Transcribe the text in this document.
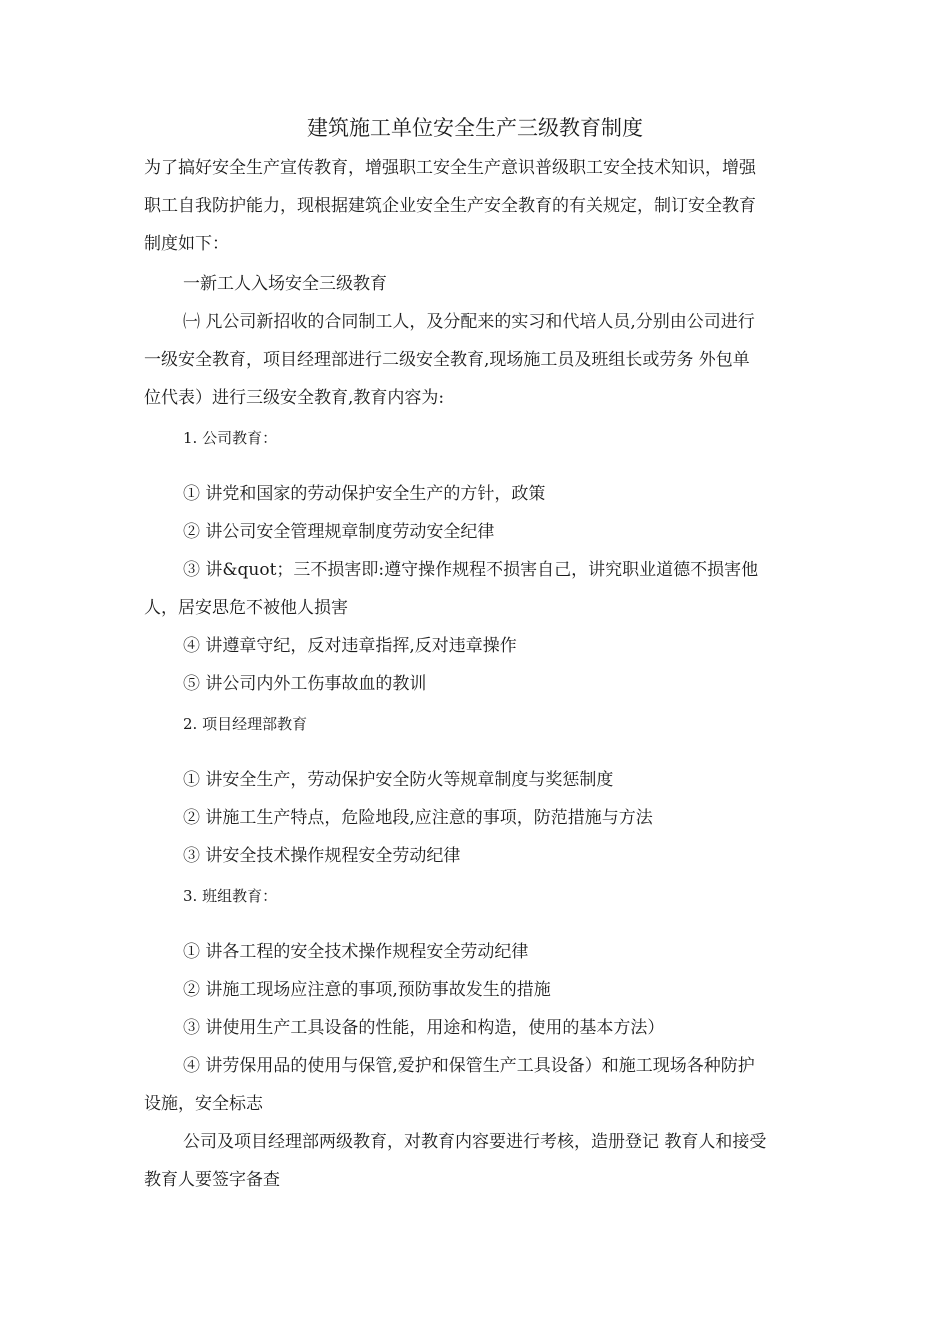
建筑施工单位安全生产三级教育制度
为了搞好安全生产宣传教育，增强职工安全生产意识普级职工安全技术知识，增强
职工自我防护能力，现根据建筑企业安全生产安全教育的有关规定，制订安全教育
制度如下：
一新工人入场安全三级教育
㈠ 凡公司新招收的合同制工人，及分配来的实习和代培人员,分别由公司进行
一级安全教育，项目经理部进行二级安全教育,现场施工员及班组长或劳务 外包单
位代表）进行三级安全教育,教育内容为:
1. 公司教育：
① 讲党和国家的劳动保护安全生产的方针，政策
② 讲公司安全管理规章制度劳动安全纪律
③ 讲&quot；三不损害即:遵守操作规程不损害自己，讲究职业道德不损害他
人，居安思危不被他人损害
④ 讲遵章守纪，反对违章指挥,反对违章操作
⑤ 讲公司内外工伤事故血的教训
2. 项目经理部教育
① 讲安全生产，劳动保护安全防火等规章制度与奖惩制度
② 讲施工生产特点，危险地段,应注意的事项，防范措施与方法
③ 讲安全技术操作规程安全劳动纪律
3. 班组教育：
① 讲各工程的安全技术操作规程安全劳动纪律
② 讲施工现场应注意的事项,预防事故发生的措施
③ 讲使用生产工具设备的性能，用途和构造，使用的基本方法）
④ 讲劳保用品的使用与保管,爱护和保管生产工具设备）和施工现场各种防护
设施，安全标志
公司及项目经理部两级教育，对教育内容要进行考核，造册登记 教育人和接受
教育人要签字备查
